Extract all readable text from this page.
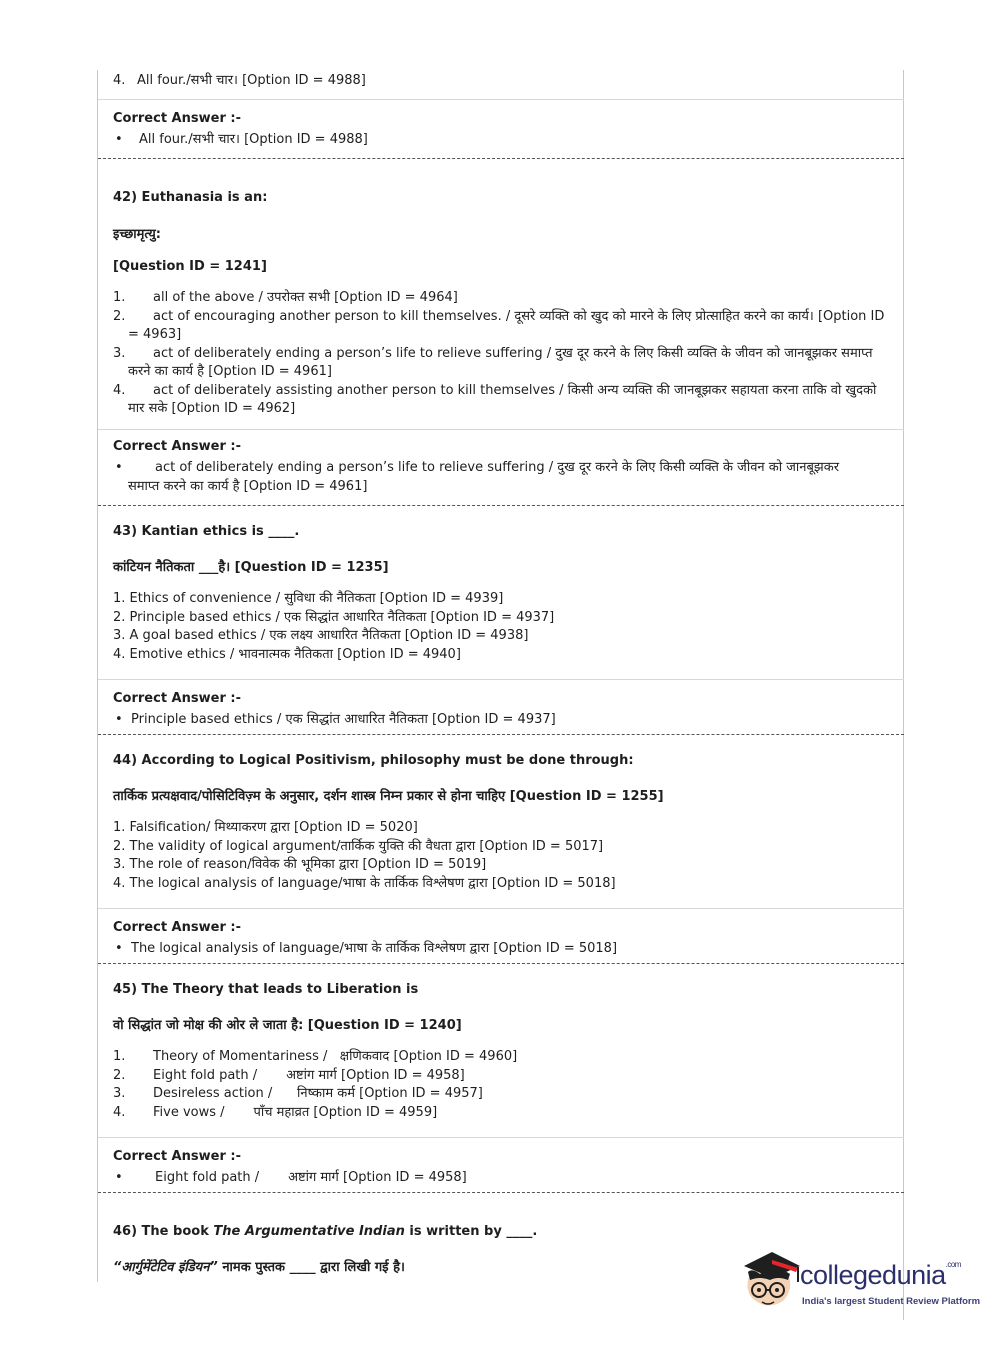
4. All four./सभी चार। [Option ID = 4988]
Correct Answer :-
•	All four./सभी चार। [Option ID = 4988]
42) Euthanasia is an:
इच्छामृत्यु:
[Question ID = 1241]
1.	all of the above / उपरोक्त सभी [Option ID = 4964]
2.	act of encouraging another person to kill themselves. / दूसरे व्यक्ति को खुद को मारने के लिए प्रोत्साहित करने का कार्य। [Option ID
= 4963]
3.	act of deliberately ending a person’s life to relieve suffering / दुख दूर करने के लिए किसी व्यक्ति के जीवन को जानबूझकर समाप्त
करने का कार्य है [Option ID = 4961]
4.	act of deliberately assisting another person to kill themselves / किसी अन्य व्यक्ति की जानबूझकर सहायता करना ताकि वो खुदको
मार सके [Option ID = 4962]
Correct Answer :-
•	act of deliberately ending a person’s life to relieve suffering / दुख दूर करने के लिए किसी व्यक्ति के जीवन को जानबूझकर
समाप्त करने का कार्य है [Option ID = 4961]
43) Kantian ethics is ____.
कांटियन नैतिकता ___है। [Question ID = 1235]
1. Ethics of convenience / सुविधा की नैतिकता [Option ID = 4939]
2. Principle based ethics / एक सिद्धांत आधारित नैतिकता [Option ID = 4937]
3. A goal based ethics / एक लक्ष्य आधारित नैतिकता [Option ID = 4938]
4. Emotive ethics / भावनात्मक नैतिकता [Option ID = 4940]
Correct Answer :-
• Principle based ethics / एक सिद्धांत आधारित नैतिकता [Option ID = 4937]
44) According to Logical Positivism, philosophy must be done through:
तार्किक प्रत्यक्षवाद/पोसिटिविज़्म के अनुसार, दर्शन शास्त्र निम्न प्रकार से होना चाहिए [Question ID = 1255]
1. Falsification/ मिथ्याकरण द्वारा [Option ID = 5020]
2. The validity of logical argument/तार्किक युक्ति की वैधता द्वारा [Option ID = 5017]
3. The role of reason/विवेक की भूमिका द्वारा [Option ID = 5019]
4. The logical analysis of language/भाषा के तार्किक विश्लेषण द्वारा [Option ID = 5018]
Correct Answer :-
• The logical analysis of language/भाषा के तार्किक विश्लेषण द्वारा [Option ID = 5018]
45) The Theory that leads to Liberation is
वो सिद्धांत जो मोक्ष की ओर ले जाता है: [Question ID = 1240]
1.	Theory of Momentariness /   क्षणिकवाद [Option ID = 4960]
2.	Eight fold path /       अष्टांग मार्ग [Option ID = 4958]
3.	Desireless action /      निष्काम कर्म [Option ID = 4957]
4.	Five vows /       पाँच महाव्रत [Option ID = 4959]
Correct Answer :-
•	Eight fold path /       अष्टांग मार्ग [Option ID = 4958]
46) The book The Argumentative Indian is written by ____.
“आर्गुमेंटेटिव इंडियन” नामक पुस्तक ____ द्वारा लिखी गई है।	collegedunia$^{.com}$
India's largest Student Review Platform
